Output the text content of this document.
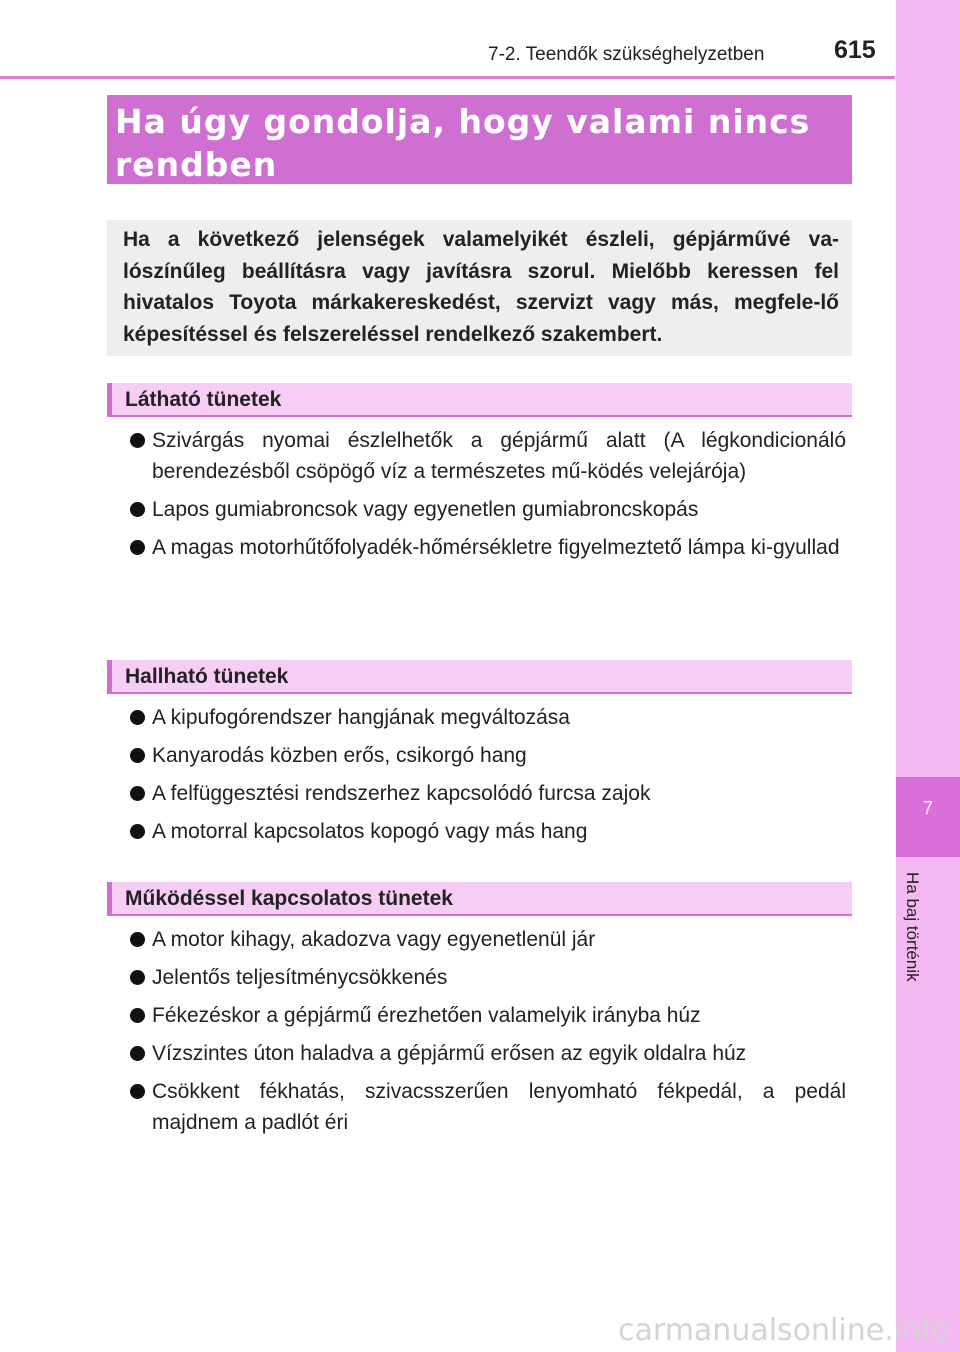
7-2. Teendők szükséghelyzetben	615
7
Ha baj történik
Ha úgy gondolja, hogy valami nincs rendben
Ha a következő jelenségek valamelyikét észleli, gépjárművé va-lószínűleg beállításra vagy javításra szorul. Mielőbb keressen fel hivatalos Toyota márkakereskedést, szervizt vagy más, megfele-lő képesítéssel és felszereléssel rendelkező szakembert.
Látható tünetek
Szivárgás nyomai észlelhetők a gépjármű alatt (A légkondicionáló berendezésből csöpögő víz a természetes mű-ködés velejárója)
Lapos gumiabroncsok vagy egyenetlen gumiabroncskopás
A magas motorhűtőfolyadék-hőmérsékletre figyelmeztető lámpa ki-gyullad
Hallható tünetek
A kipufogórendszer hangjának megváltozása
Kanyarodás közben erős, csikorgó hang
A felfüggesztési rendszerhez kapcsolódó furcsa zajok
A motorral kapcsolatos kopogó vagy más hang
Működéssel kapcsolatos tünetek
A motor kihagy, akadozva vagy egyenetlenül jár
Jelentős teljesítménycsökkenés
Fékezéskor a gépjármű érezhetően valamelyik irányba húz
Vízszintes úton haladva a gépjármű erősen az egyik oldalra húz
Csökkent fékhatás, szivacsszerűen lenyomható fékpedál, a pedál majdnem a padlót éri
carmanualsonline.info
